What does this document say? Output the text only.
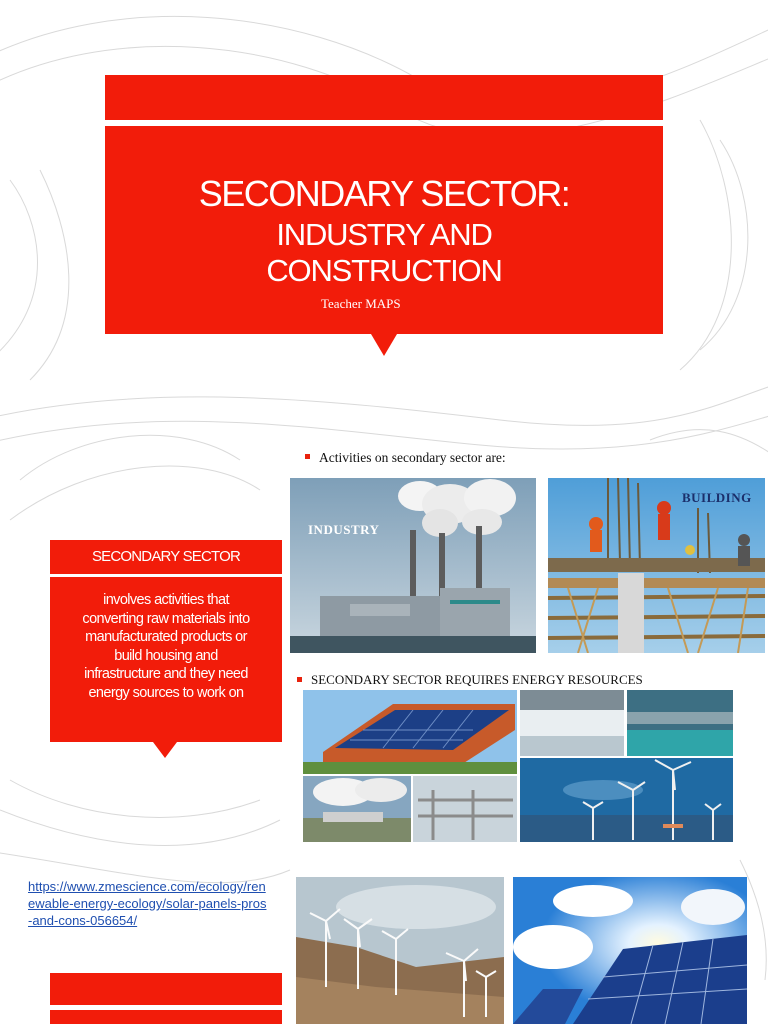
SECONDARY SECTOR:
INDUSTRY AND
CONSTRUCTION
Teacher MAPS
Activities on secondary sector are:
INDUSTRY
BUILDING
SECONDARY SECTOR
involves activities that
converting raw materials into
manufacturated products or
build housing and
infrastructure and they need
energy sources to work on
SECONDARY SECTOR REQUIRES ENERGY RESOURCES
https://www.zmescience.com/ecology/renewable-energy-ecology/solar-panels-pros-and-cons-056654/
